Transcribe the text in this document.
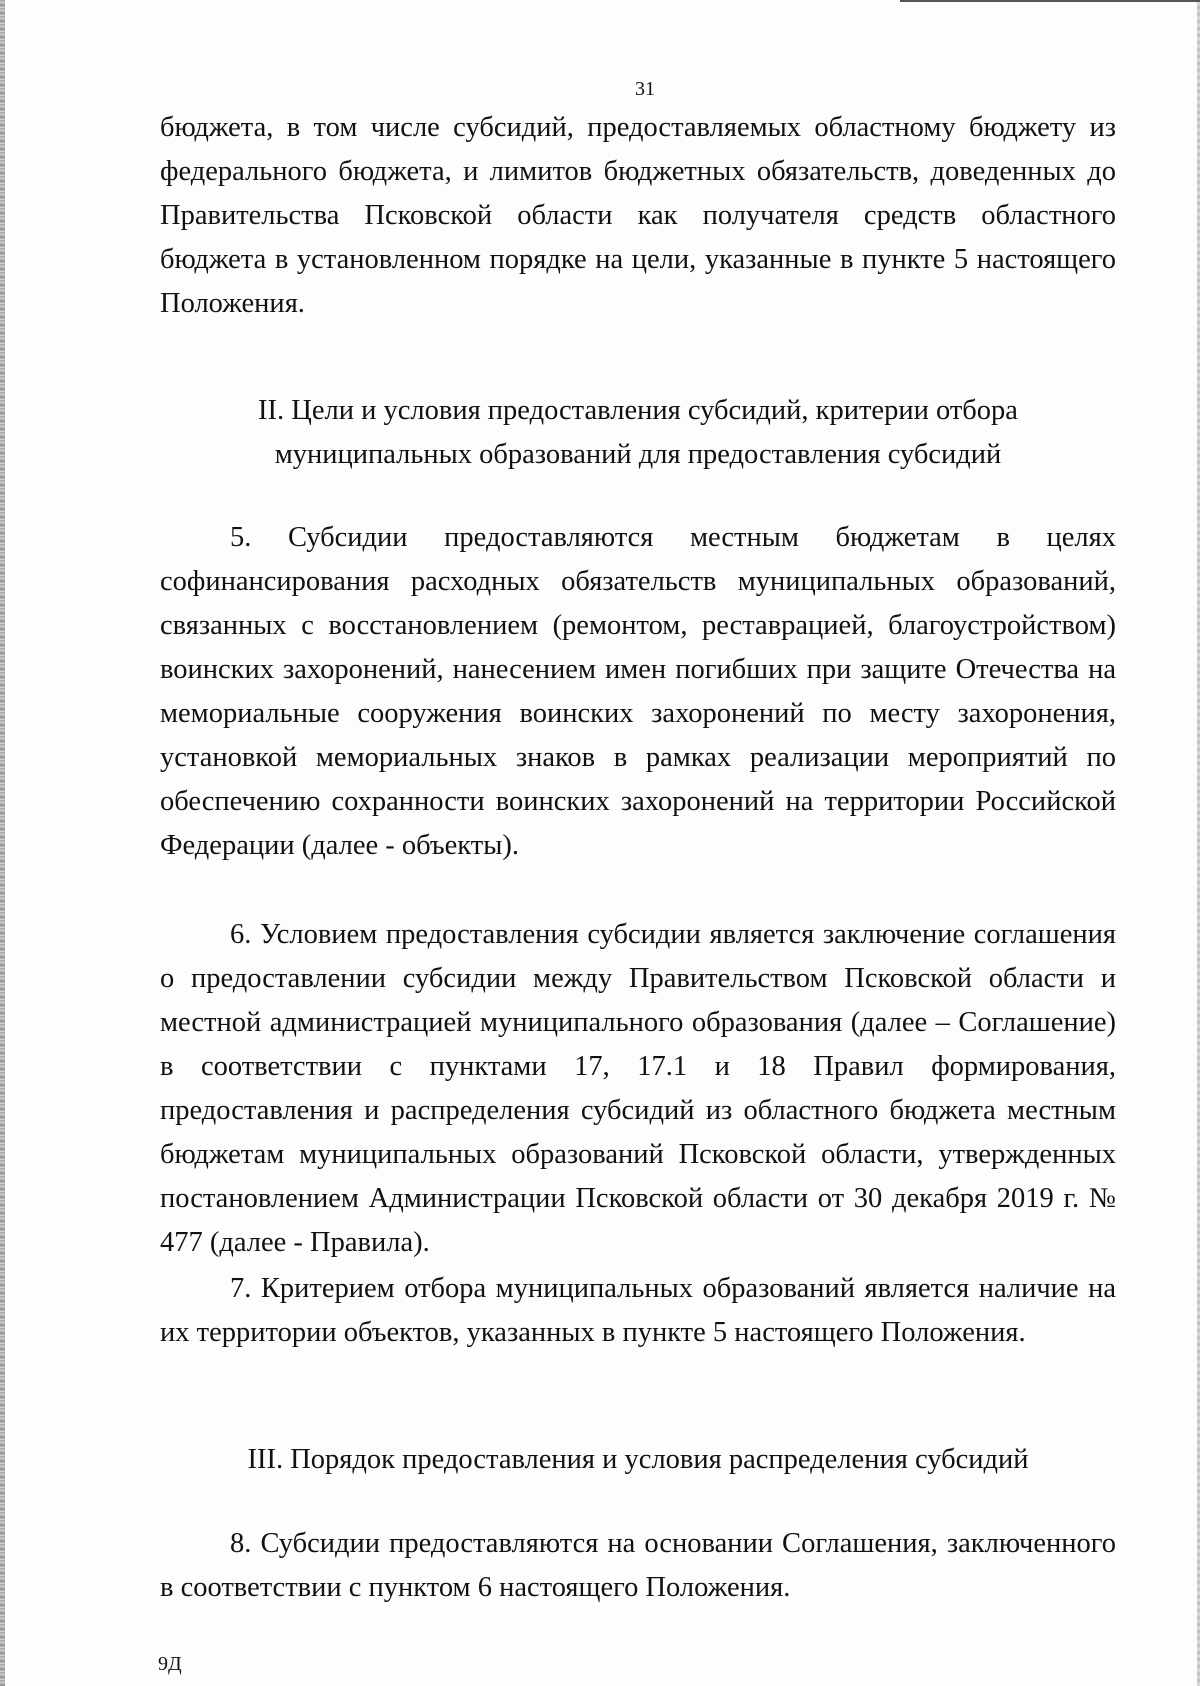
31

бюджета, в том числе субсидий, предоставляемых областному бюджету из федерального бюджета, и лимитов бюджетных обязательств, доведенных до Правительства Псковской области как получателя средств областного бюджета в установленном порядке на цели, указанные в пункте 5 настоящего Положения.

II. Цели и условия предоставления субсидий, критерии отбора
муниципальных образований для предоставления субсидий

5. Субсидии предоставляются местным бюджетам в целях софинансирования расходных обязательств муниципальных образований, связанных с восстановлением (ремонтом, реставрацией, благоустройством) воинских захоронений, нанесением имен погибших при защите Отечества на мемориальные сооружения воинских захоронений по месту захоронения, установкой мемориальных знаков в рамках реализации мероприятий по обеспечению сохранности воинских захоронений на территории Российской Федерации (далее - объекты).

6. Условием предоставления субсидии является заключение соглашения о предоставлении субсидии между Правительством Псковской области и местной администрацией муниципального образования (далее – Соглашение) в соответствии с пунктами 17, 17.1 и 18 Правил формирования, предоставления и распределения субсидий из областного бюджета местным бюджетам муниципальных образований Псковской области, утвержденных постановлением Администрации Псковской области от 30 декабря 2019 г. № 477 (далее - Правила).

7. Критерием отбора муниципальных образований является наличие на их территории объектов, указанных в пункте 5 настоящего Положения.

III. Порядок предоставления и условия распределения субсидий

8. Субсидии предоставляются на основании Соглашения, заключенного в соответствии с пунктом 6 настоящего Положения.

9Д
